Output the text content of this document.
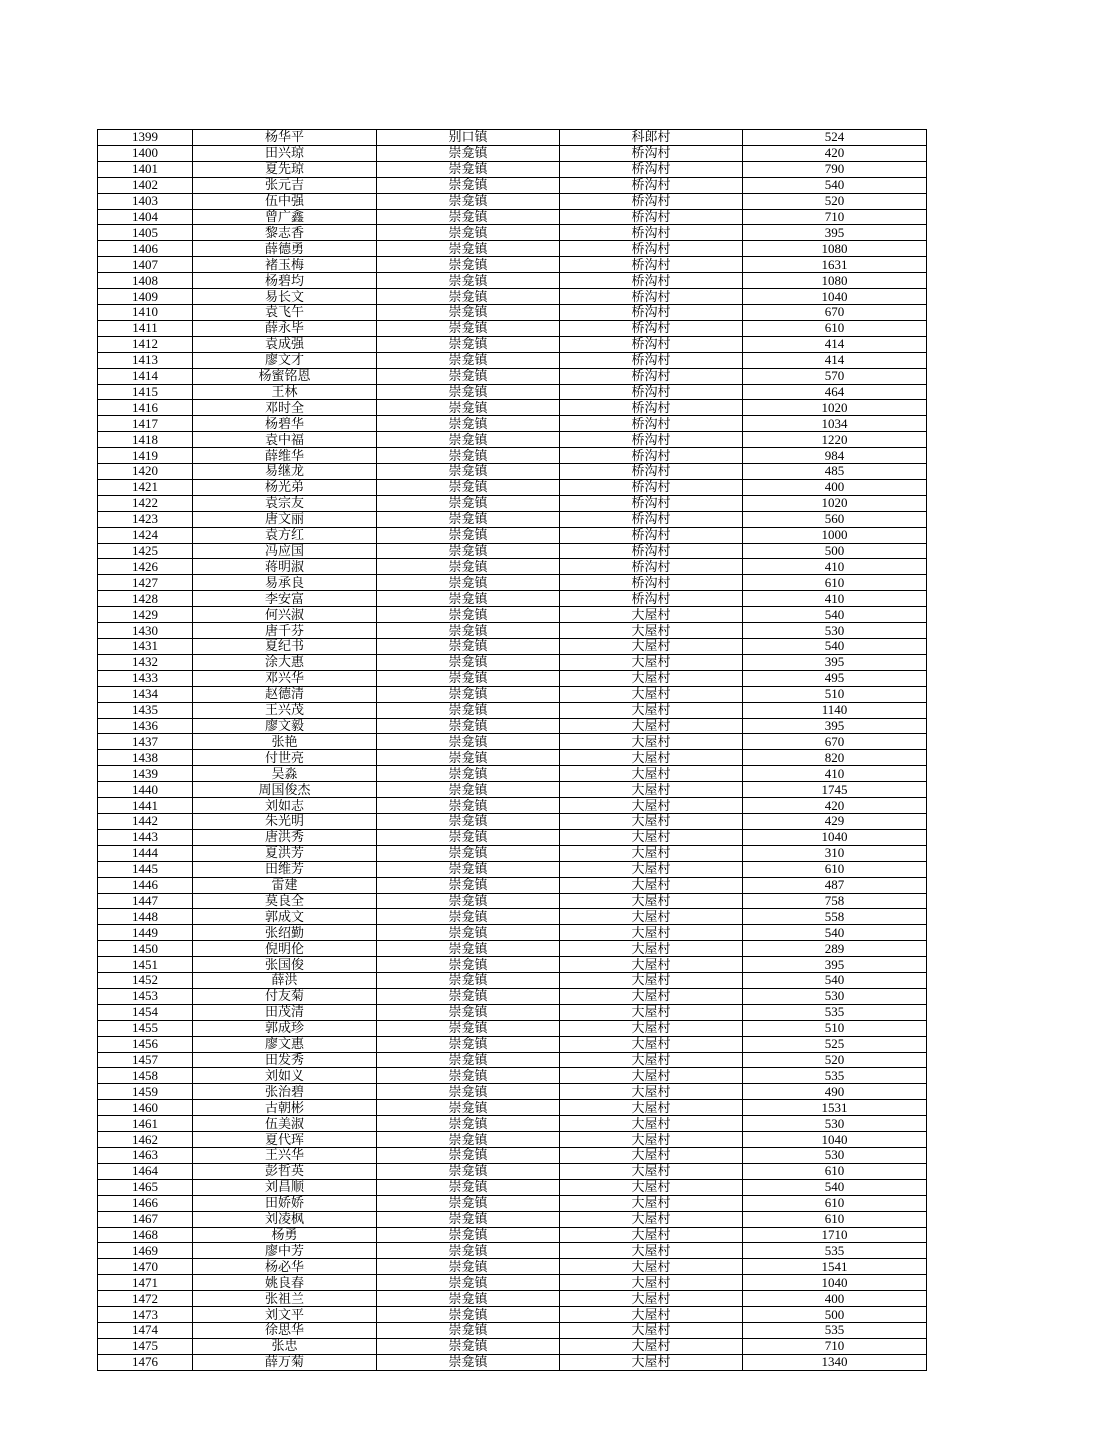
1399	杨华平	别口镇	科郎村	524
1400	田兴琼	崇龛镇	桥沟村	420
1401	夏先琼	崇龛镇	桥沟村	790
1402	张元吉	崇龛镇	桥沟村	540
1403	伍中强	崇龛镇	桥沟村	520
1404	曾广鑫	崇龛镇	桥沟村	710
1405	黎志香	崇龛镇	桥沟村	395
1406	薛德勇	崇龛镇	桥沟村	1080
1407	褚玉梅	崇龛镇	桥沟村	1631
1408	杨碧均	崇龛镇	桥沟村	1080
1409	易长文	崇龛镇	桥沟村	1040
1410	袁飞午	崇龛镇	桥沟村	670
1411	薛永毕	崇龛镇	桥沟村	610
1412	袁成强	崇龛镇	桥沟村	414
1413	廖文才	崇龛镇	桥沟村	414
1414	杨蜜铭恩	崇龛镇	桥沟村	570
1415	王林	崇龛镇	桥沟村	464
1416	邓时全	崇龛镇	桥沟村	1020
1417	杨碧华	崇龛镇	桥沟村	1034
1418	袁中福	崇龛镇	桥沟村	1220
1419	薛维华	崇龛镇	桥沟村	984
1420	易继龙	崇龛镇	桥沟村	485
1421	杨光弟	崇龛镇	桥沟村	400
1422	袁宗友	崇龛镇	桥沟村	1020
1423	唐文丽	崇龛镇	桥沟村	560
1424	袁方红	崇龛镇	桥沟村	1000
1425	冯应国	崇龛镇	桥沟村	500
1426	蒋明淑	崇龛镇	桥沟村	410
1427	易承良	崇龛镇	桥沟村	610
1428	李安富	崇龛镇	桥沟村	410
1429	何兴淑	崇龛镇	大屋村	540
1430	唐千芬	崇龛镇	大屋村	530
1431	夏纪书	崇龛镇	大屋村	540
1432	涂大惠	崇龛镇	大屋村	395
1433	邓兴华	崇龛镇	大屋村	495
1434	赵德清	崇龛镇	大屋村	510
1435	王兴茂	崇龛镇	大屋村	1140
1436	廖文毅	崇龛镇	大屋村	395
1437	张艳	崇龛镇	大屋村	670
1438	付世亮	崇龛镇	大屋村	820
1439	吴淼	崇龛镇	大屋村	410
1440	周国俊杰	崇龛镇	大屋村	1745
1441	刘如志	崇龛镇	大屋村	420
1442	朱光明	崇龛镇	大屋村	429
1443	唐洪秀	崇龛镇	大屋村	1040
1444	夏洪芳	崇龛镇	大屋村	310
1445	田维芳	崇龛镇	大屋村	610
1446	雷建	崇龛镇	大屋村	487
1447	莫良全	崇龛镇	大屋村	758
1448	郭成文	崇龛镇	大屋村	558
1449	张绍勤	崇龛镇	大屋村	540
1450	倪明伦	崇龛镇	大屋村	289
1451	张国俊	崇龛镇	大屋村	395
1452	薛洪	崇龛镇	大屋村	540
1453	付友菊	崇龛镇	大屋村	530
1454	田茂清	崇龛镇	大屋村	535
1455	郭成珍	崇龛镇	大屋村	510
1456	廖文惠	崇龛镇	大屋村	525
1457	田发秀	崇龛镇	大屋村	520
1458	刘如义	崇龛镇	大屋村	535
1459	张治碧	崇龛镇	大屋村	490
1460	古朝彬	崇龛镇	大屋村	1531
1461	伍美淑	崇龛镇	大屋村	530
1462	夏代珲	崇龛镇	大屋村	1040
1463	王兴华	崇龛镇	大屋村	530
1464	彭哲英	崇龛镇	大屋村	610
1465	刘昌顺	崇龛镇	大屋村	540
1466	田娇娇	崇龛镇	大屋村	610
1467	刘凌枫	崇龛镇	大屋村	610
1468	杨勇	崇龛镇	大屋村	1710
1469	廖中芳	崇龛镇	大屋村	535
1470	杨必华	崇龛镇	大屋村	1541
1471	姚良春	崇龛镇	大屋村	1040
1472	张祖兰	崇龛镇	大屋村	400
1473	刘文平	崇龛镇	大屋村	500
1474	徐思华	崇龛镇	大屋村	535
1475	张忠	崇龛镇	大屋村	710
1476	薛万菊	崇龛镇	大屋村	1340
